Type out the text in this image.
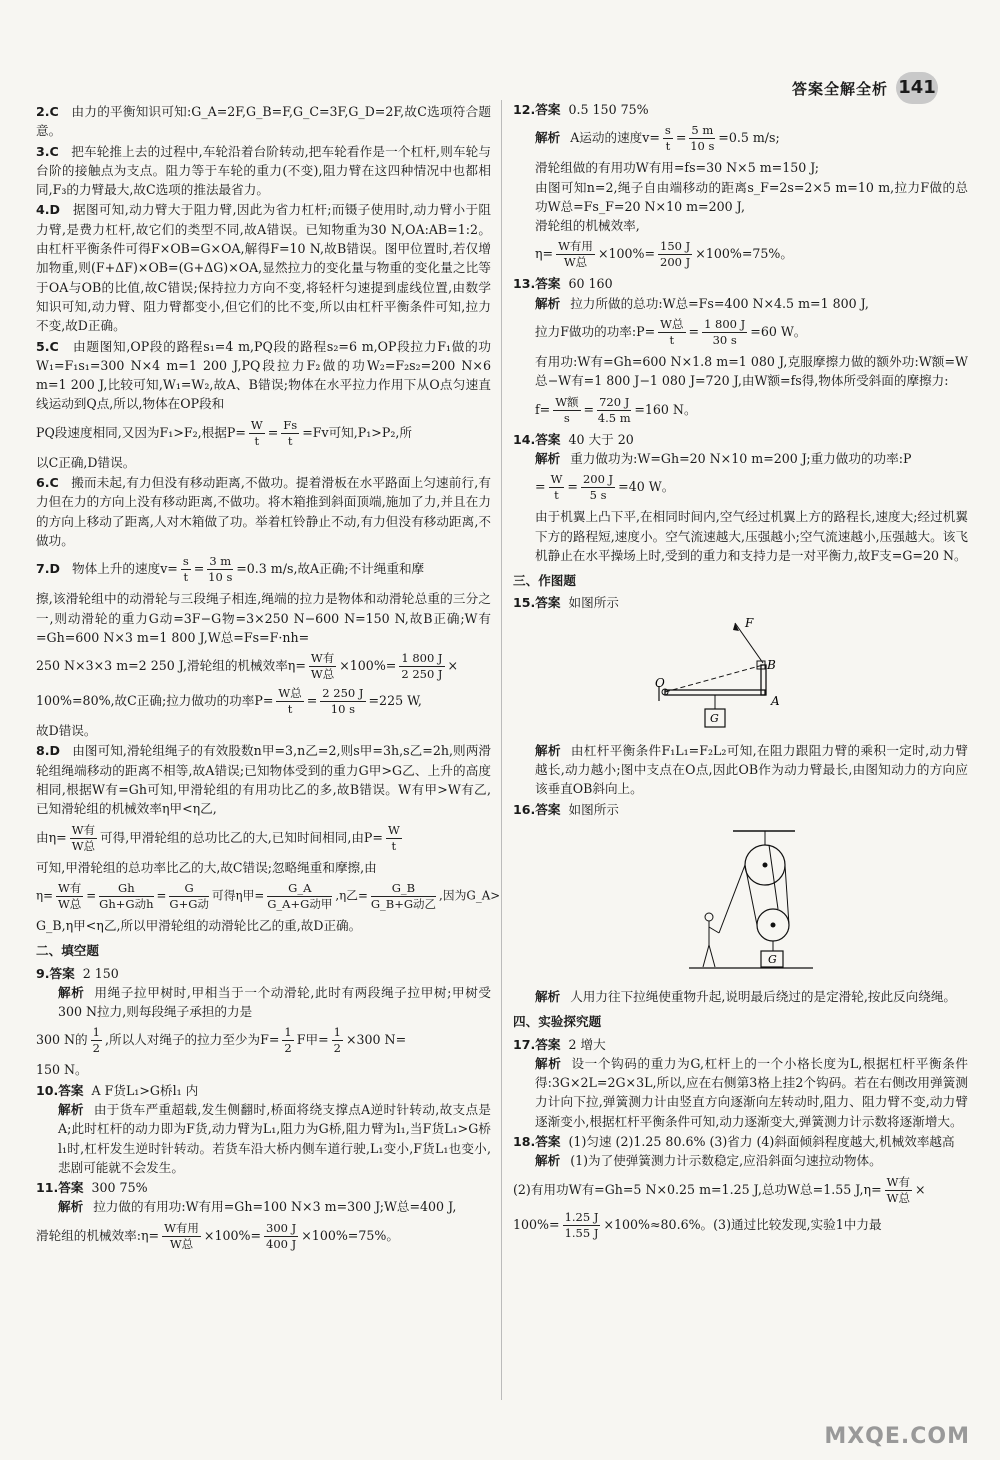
答案全解全析 141
2.C 由力的平衡知识可知:G_A=2F,G_B=F,G_C=3F,G_D=2F,故C选项符合题意。
3.C 把车轮推上去的过程中,车轮沿着台阶转动,把车轮看作是一个杠杆,则车轮与台阶的接触点为支点。阻力等于车轮的重力(不变),阻力臂在这四种情况中也都相同,F₃的力臂最大,故C选项的推法最省力。
4.D 据图可知,动力臂大于阻力臂,因此为省力杠杆;而镊子使用时,动力臂小于阻力臂,是费力杠杆,故它们的类型不同,故A错误。已知物重为30 N,OA:AB=1:2。由杠杆平衡条件可得F×OB=G×OA,解得F=10 N,故B错误。图甲位置时,若仅增加物重,则(F+ΔF)×OB=(G+ΔG)×OA,显然拉力的变化量与物重的变化量之比等于OA与OB的比值,故C错误;保持拉力方向不变,将轻杆匀速提到虚线位置,由数学知识可知,动力臂、阻力臂都变小,但它们的比不变,所以由杠杆平衡条件可知,拉力不变,故D正确。
5.C 由题图知,OP段的路程s₁=4 m,PQ段的路程s₂=6 m,OP段拉力F₁做的功W₁=F₁s₁=300 N×4 m=1 200 J,PQ段拉力F₂做的功W₂=F₂s₂=200 N×6 m=1 200 J,比较可知,W₁=W₂,故A、B错误;物体在水平拉力作用下从O点匀速直线运动到Q点,所以,物体在OP段和
PQ段速度相同,又因为F₁>F₂,根据$P= \frac{W}{t} = \frac{Fs}{t} =Fv$可知,P₁>P₂,所
以C正确,D错误。
6.C 搬而未起,有力但没有移动距离,不做功。提着滑板在水平路面上匀速前行,有力但在力的方向上没有移动距离,不做功。将木箱推到斜面顶端,施加了力,并且在力的方向上移动了距离,人对木箱做了功。举着杠铃静止不动,有力但没有移动距离,不做功。
7.D 物体上升的速度$v= \frac{s}{t} = \frac{3 m}{10 s} =0.3$ m/s,故A正确;不计绳重和摩
擦,该滑轮组中的动滑轮与三段绳子相连,绳端的拉力是物体和动滑轮总重的三分之一,则动滑轮的重力G动=3F−G物=3×250 N−600 N=150 N,故B正确;W有=Gh=600 N×3 m=1 800 J,W总=Fs=F·nh=
250 N×3×3 m=2 250 J,滑轮组的机械效率$\eta= \frac{\text{W有}}{\text{W总}} \times 100\%= \frac{1 800 J}{2 250 J}$ ×
100%=80%,故C正确;拉力做功的功率$P= \frac{\text{W总}}{t} = \frac{2 250 J}{10 s} =225$ W,
故D错误。
8.D 由图可知,滑轮组绳子的有效股数n甲=3,n乙=2,则s甲=3h,s乙=2h,则两滑轮组绳端移动的距离不相等,故A错误;已知物体受到的重力G甲>G乙、上升的高度相同,根据W有=Gh可知,甲滑轮组的有用功比乙的多,故B错误。W有甲>W有乙,已知滑轮组的机械效率η甲<η乙,
由$\eta= \frac{\text{W有}}{\text{W总}}$ 可得,甲滑轮组的总功比乙的大,已知时间相同,由$P= \frac{W}{t}$
可知,甲滑轮组的总功率比乙的大,故C错误;忽略绳重和摩擦,由
$\eta= \frac{\text{W有}}{\text{W总}} = \frac{Gh}{\text{Gh+G动h}} = \frac{G}{\text{G+G动}}$ 可得η甲= $\frac{G\_A}{\text{G\_A+G动甲}} ,\eta$乙= $\frac{G\_B}{\text{G\_B+G动乙}}$ ,因为G_A>
G_B,η甲<η乙,所以甲滑轮组的动滑轮比乙的重,故D正确。
二、填空题
9.答案 2 150
解析 用绳子拉甲树时,甲相当于一个动滑轮,此时有两段绳子拉甲树;甲树受300 N拉力,则每段绳子承担的力是
300 N的 $\frac{1}{2}$ ,所以人对绳子的拉力至少为$F= \frac{1}{2}$ F甲= $\frac{1}{2} \times 300$ N=
150 N。
10.答案 A F货L₁>G桥l₁ 内
解析 由于货车严重超载,发生侧翻时,桥面将绕支撑点A逆时针转动,故支点是A;此时杠杆的动力即为F货,动力臂为L₁,阻力为G桥,阻力臂为l₁,当F货L₁>G桥l₁时,杠杆发生逆时针转动。若货车沿大桥内侧车道行驶,L₁变小,F货L₁也变小,悲剧可能就不会发生。
11.答案 300 75%
解析 拉力做的有用功:W有用=Gh=100 N×3 m=300 J;W总=400 J,
滑轮组的机械效率:η= $\frac{\text{W有用}}{\text{W总}} \times 100\%= \frac{300 J}{400 J} \times 100\%=75\%$。
12.答案 0.5 150 75%
解析 A运动的速度$v= \frac{s}{t} = \frac{5 m}{10 s} =0.5$ m/s;
滑轮组做的有用功W有用=fs=30 N×5 m=150 J;
由图可知n=2,绳子自由端移动的距离s_F=2s=2×5 m=10 m,拉力F做的总功W总=Fs_F=20 N×10 m=200 J,
滑轮组的机械效率,
$\eta= \frac{\text{W有用}}{\text{W总}} \times 100\%= \frac{150 J}{200 J} \times 100\%=75\%$。
13.答案 60 160
解析 拉力所做的总功:W总=Fs=400 N×4.5 m=1 800 J,
拉力F做功的功率:P= $\frac{\text{W总}}{t} = \frac{1 800 J}{30 s} =60$ W。
有用功:W有=Gh=600 N×1.8 m=1 080 J,克服摩擦力做的额外功:W额=W总−W有=1 800 J−1 080 J=720 J,由W额=fs得,物体所受斜面的摩擦力:
$f= \frac{\text{W额}}{s} = \frac{720 J}{4.5 m} =160$ N。
14.答案 40 大于 20
解析 重力做功为:W=Gh=20 N×10 m=200 J;重力做功的功率:P
= $\frac{W}{t} = \frac{200 J}{5 s} =40$ W。
由于机翼上凸下平,在相同时间内,空气经过机翼上方的路程长,速度大;经过机翼下方的路程短,速度小。空气流速越大,压强越小;空气流速越小,压强越大。该飞机静止在水平操场上时,受到的重力和支持力是一对平衡力,故F支=G=20 N。
三、作图题
15.答案 如图所示
F
B
O
A
G
解析 由杠杆平衡条件F₁L₁=F₂L₂可知,在阻力跟阻力臂的乘积一定时,动力臂越长,动力越小;图中支点在O点,因此OB作为动力臂最长,由图知动力的方向应该垂直OB斜向上。
16.答案 如图所示
G
解析 人用力往下拉绳使重物升起,说明最后绕过的是定滑轮,按此反向绕绳。
四、实验探究题
17.答案 2 增大
解析 设一个钩码的重力为G,杠杆上的一个小格长度为L,根据杠杆平衡条件得:3G×2L=2G×3L,所以,应在右侧第3格上挂2个钩码。若在右侧改用弹簧测力计向下拉,弹簧测力计由竖直方向逐渐向左转动时,阻力、阻力臂不变,动力臂逐渐变小,根据杠杆平衡条件可知,动力逐渐变大,弹簧测力计示数将逐渐增大。
18.答案 (1)匀速 (2)1.25 80.6% (3)省力 (4)斜面倾斜程度越大,机械效率越高
解析 (1)为了使弹簧测力计示数稳定,应沿斜面匀速拉动物体。
(2)有用功W有=Gh=5 N×0.25 m=1.25 J,总功W总=1.55 $J,\eta= \frac{\text{W有}}{\text{W总}}$ ×
$100\%= \frac{1.25 J}{1.55 J} \times 100\%\approx 80.6\%$。(3)通过比较发现,实验1中力最
MXQE.COM
